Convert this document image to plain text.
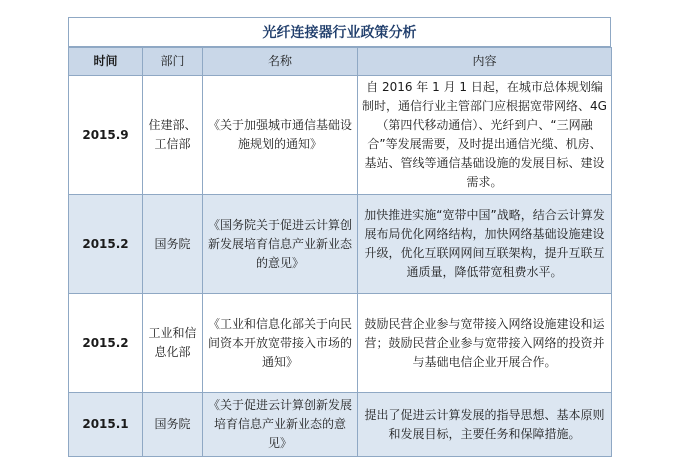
光纤连接器行业政策分析
时间	部门	名称	内容
2015.9	住建部、工信部	《关于加强城市通信基础设施规划的通知》	自 2016 年 1 月 1 日起，在城市总体规划编制时，通信行业主管部门应根据宽带网络、4G（第四代移动通信）、光纤到户、“三网融合”等发展需要，及时提出通信光缆、机房、基站、管线等通信基础设施的发展目标、建设需求。
2015.2	国务院	《国务院关于促进云计算创新发展培育信息产业新业态的意见》	加快推进实施“宽带中国”战略，结合云计算发展布局优化网络结构，加快网络基础设施建设升级，优化互联网网间互联架构，提升互联互通质量，降低带宽租费水平。
2015.2	工业和信息化部	《工业和信息化部关于向民间资本开放宽带接入市场的通知》	鼓励民营企业参与宽带接入网络设施建设和运营；鼓励民营企业参与宽带接入网络的投资并与基础电信企业开展合作。
2015.1	国务院	《关于促进云计算创新发展培育信息产业新业态的意见》	提出了促进云计算发展的指导思想、基本原则和发展目标，主要任务和保障措施。
